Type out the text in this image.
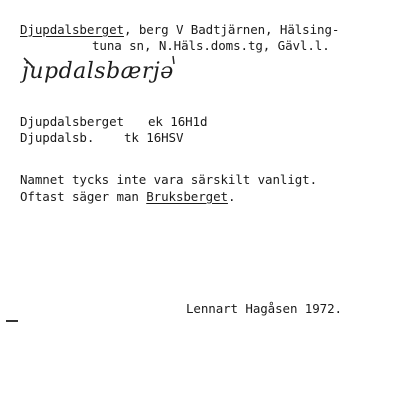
Djupdalsberget, berg V Badtjärnen, Hälsing-
tuna sn, N.Häls.doms.tg, Gävl.l.
jupdalsbærjə
Djupdalsberget ek 16H1d
Djupdalsb. tk 16HSV
Namnet tycks inte vara särskilt vanligt.
Oftast säger man Bruksberget.
Lennart Hagåsen 1972.
